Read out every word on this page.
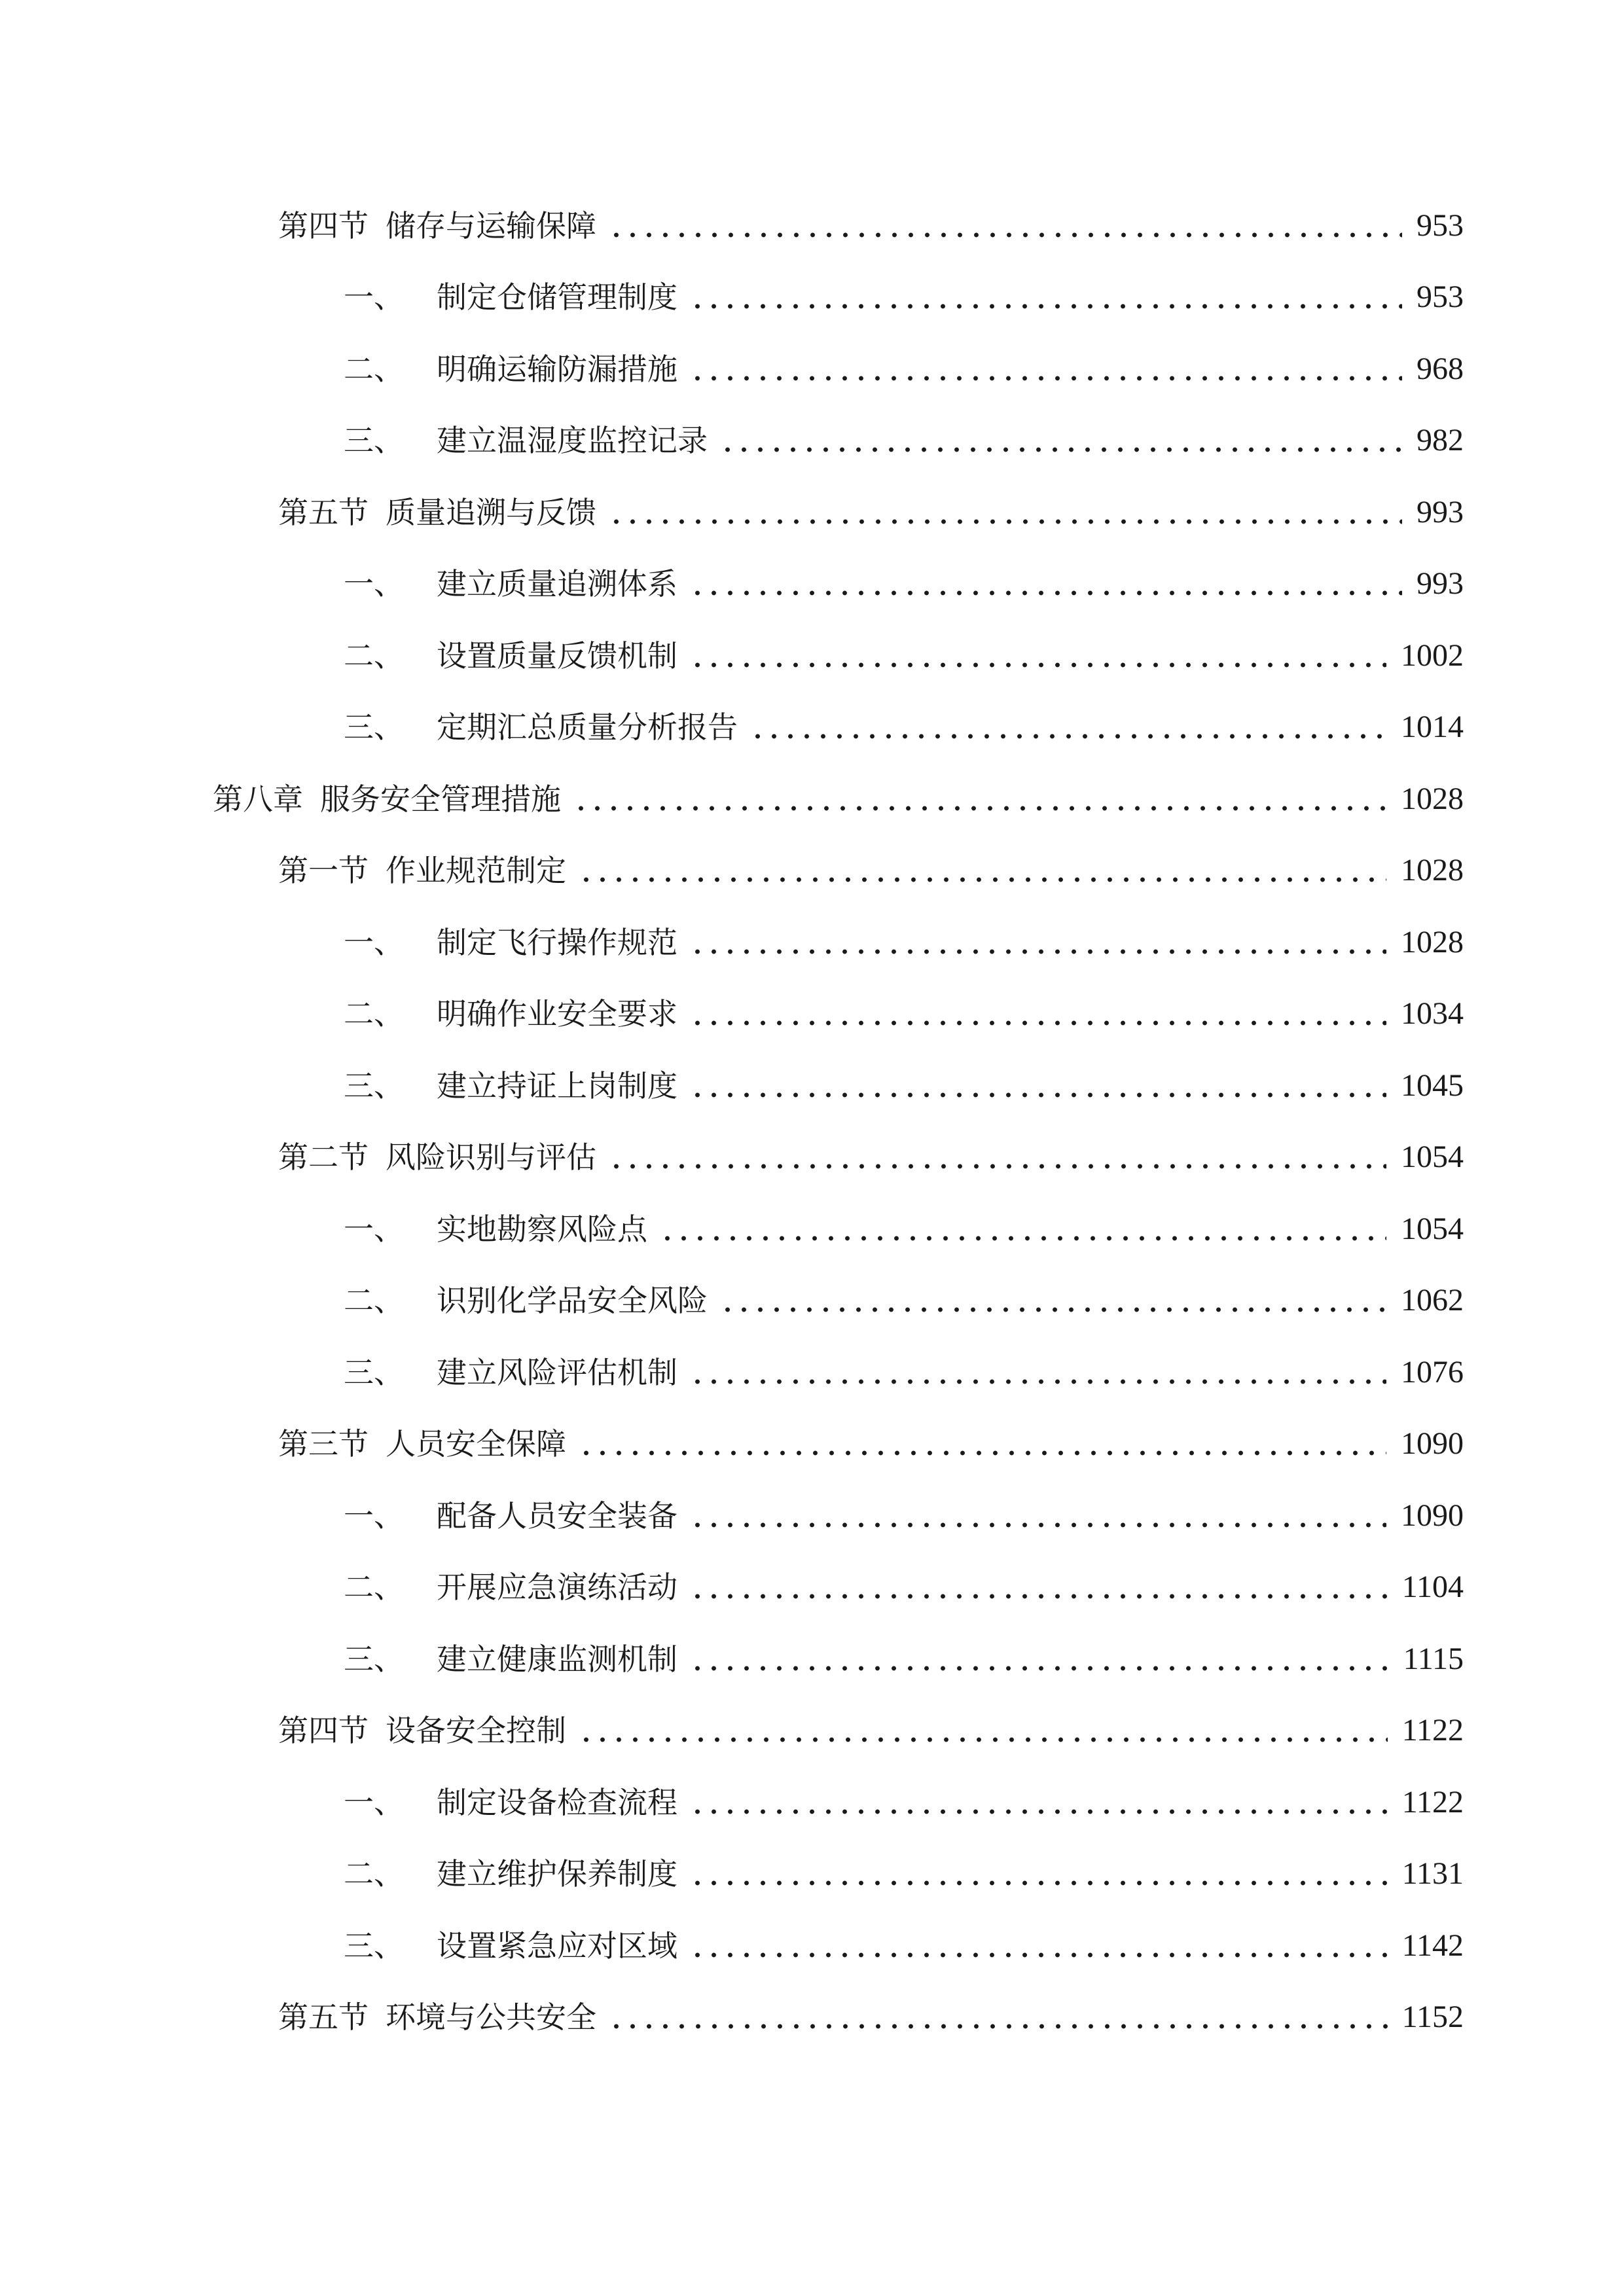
第四节 储存与运输保障	953
一、 制定仓储管理制度	953
二、 明确运输防漏措施	968
三、 建立温湿度监控记录	982
第五节 质量追溯与反馈	993
一、 建立质量追溯体系	993
二、 设置质量反馈机制	1002
三、 定期汇总质量分析报告	1014
第八章 服务安全管理措施	1028
第一节 作业规范制定	1028
一、 制定飞行操作规范	1028
二、 明确作业安全要求	1034
三、 建立持证上岗制度	1045
第二节 风险识别与评估	1054
一、 实地勘察风险点	1054
二、 识别化学品安全风险	1062
三、 建立风险评估机制	1076
第三节 人员安全保障	1090
一、 配备人员安全装备	1090
二、 开展应急演练活动	1104
三、 建立健康监测机制	1115
第四节 设备安全控制	1122
一、 制定设备检查流程	1122
二、 建立维护保养制度	1131
三、 设置紧急应对区域	1142
第五节 环境与公共安全	1152
